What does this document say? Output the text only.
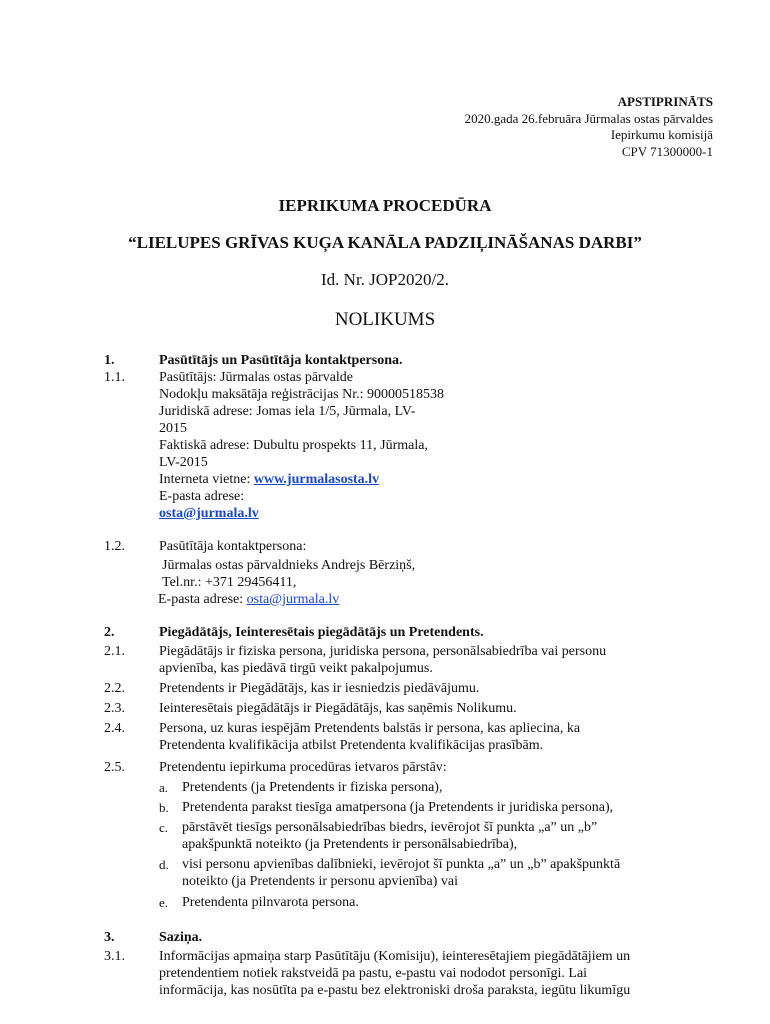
APSTIPRINĀTS
2020.gada 26.februāra Jūrmalas ostas pārvaldes
Iepirkumu komisijā
CPV 71300000-1
IEPRIKUMA PROCEDŪRA
“LIELUPES GRĪVAS KUĢA KANĀLA PADZIĻINĀŠANAS DARBI”
Id. Nr. JOP2020/2.
NOLIKUMS
1.	Pasūtītājs un Pasūtītāja kontaktpersona.
1.1.	Pasūtītājs: Jūrmalas ostas pārvalde
Nodokļu maksātāja reģistrācijas Nr.: 90000518538
Juridiskā adrese: Jomas iela 1/5, Jūrmala, LV-
2015
Faktiskā adrese: Dubultu prospekts 11, Jūrmala,
LV-2015
Interneta vietne: www.jurmalasosta.lv
E-pasta adrese:
osta@jurmala.lv
1.2.	Pasūtītāja kontaktpersona:
Jūrmalas ostas pārvaldnieks Andrejs Bērziņš,
Tel.nr.: +371 29456411,
E-pasta adrese: osta@jurmala.lv
2.	Piegādātājs, Ieinteresētais piegādātājs un Pretendents.
2.1.	Piegādātājs ir fiziska persona, juridiska persona, personālsabiedrība vai personu
apvienība, kas piedāvā tirgū veikt pakalpojumus.
2.2.	Pretendents ir Piegādātājs, kas ir iesniedzis piedāvājumu.
2.3.	Ieinteresētais piegādātājs ir Piegādātājs, kas saņēmis Nolikumu.
2.4.	Persona, uz kuras iespējām Pretendents balstās ir persona, kas apliecina, ka
Pretendenta kvalifikācija atbilst Pretendenta kvalifikācijas prasībām.
2.5.	Pretendentu iepirkuma procedūras ietvaros pārstāv:
a. Pretendents (ja Pretendents ir fiziska persona),
b. Pretendenta parakst tiesīga amatpersona (ja Pretendents ir juridiska persona),
c. pārstāvēt tiesīgs personālsabiedrības biedrs, ievērojot šī punkta „a” un „b”
apakšpunktā noteikto (ja Pretendents ir personālsabiedrība),
d. visi personu apvienības dalībnieki, ievērojot šī punkta „a” un „b” apakšpunktā
noteikto (ja Pretendents ir personu apvienība) vai
e. Pretendenta pilnvarota persona.
3.	Saziņa.
3.1.	Informācijas apmaiņa starp Pasūtītāju (Komisiju), ieinteresētajiem piegādātājiem un
pretendentiem notiek rakstveidā pa pastu, e-pastu vai nododot personīgi. Lai
informācija, kas nosūtīta pa e-pastu bez elektroniski droša paraksta, iegūtu likumīgu
